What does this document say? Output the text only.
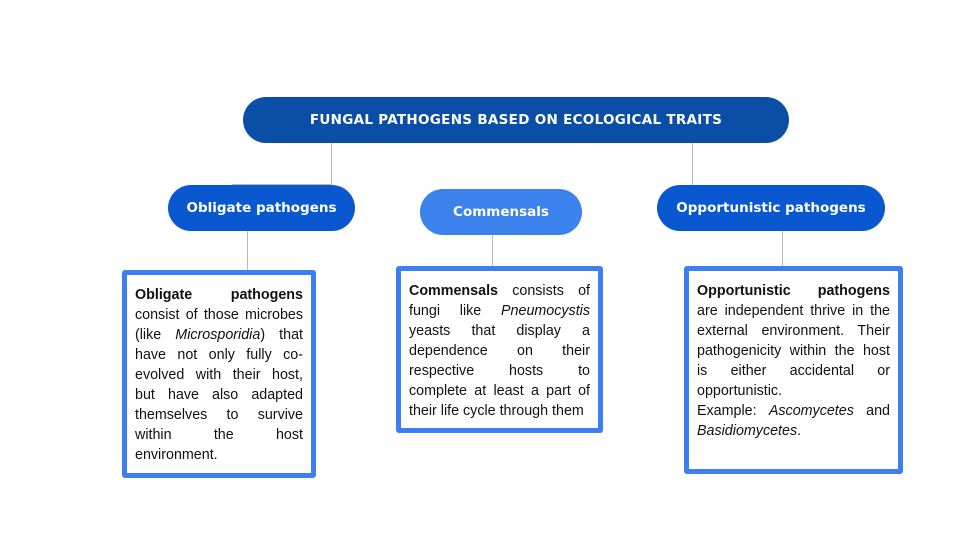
FUNGAL PATHOGENS BASED ON ECOLOGICAL TRAITS
Obligate pathogens	Commensals	Opportunistic pathogens

Obligate pathogens consist of those microbes (like Microsporidia) that have not only fully co-evolved with their host, but have also adapted themselves to survive within the host environment.

Commensals consists of fungi like Pneumocystis yeasts that display a dependence on their respective hosts to complete at least a part of their life cycle through them

Opportunistic pathogens are independent thrive in the external environment. Their pathogenicity within the host is either accidental or opportunistic.

Example: Ascomycetes and Basidiomycetes.
